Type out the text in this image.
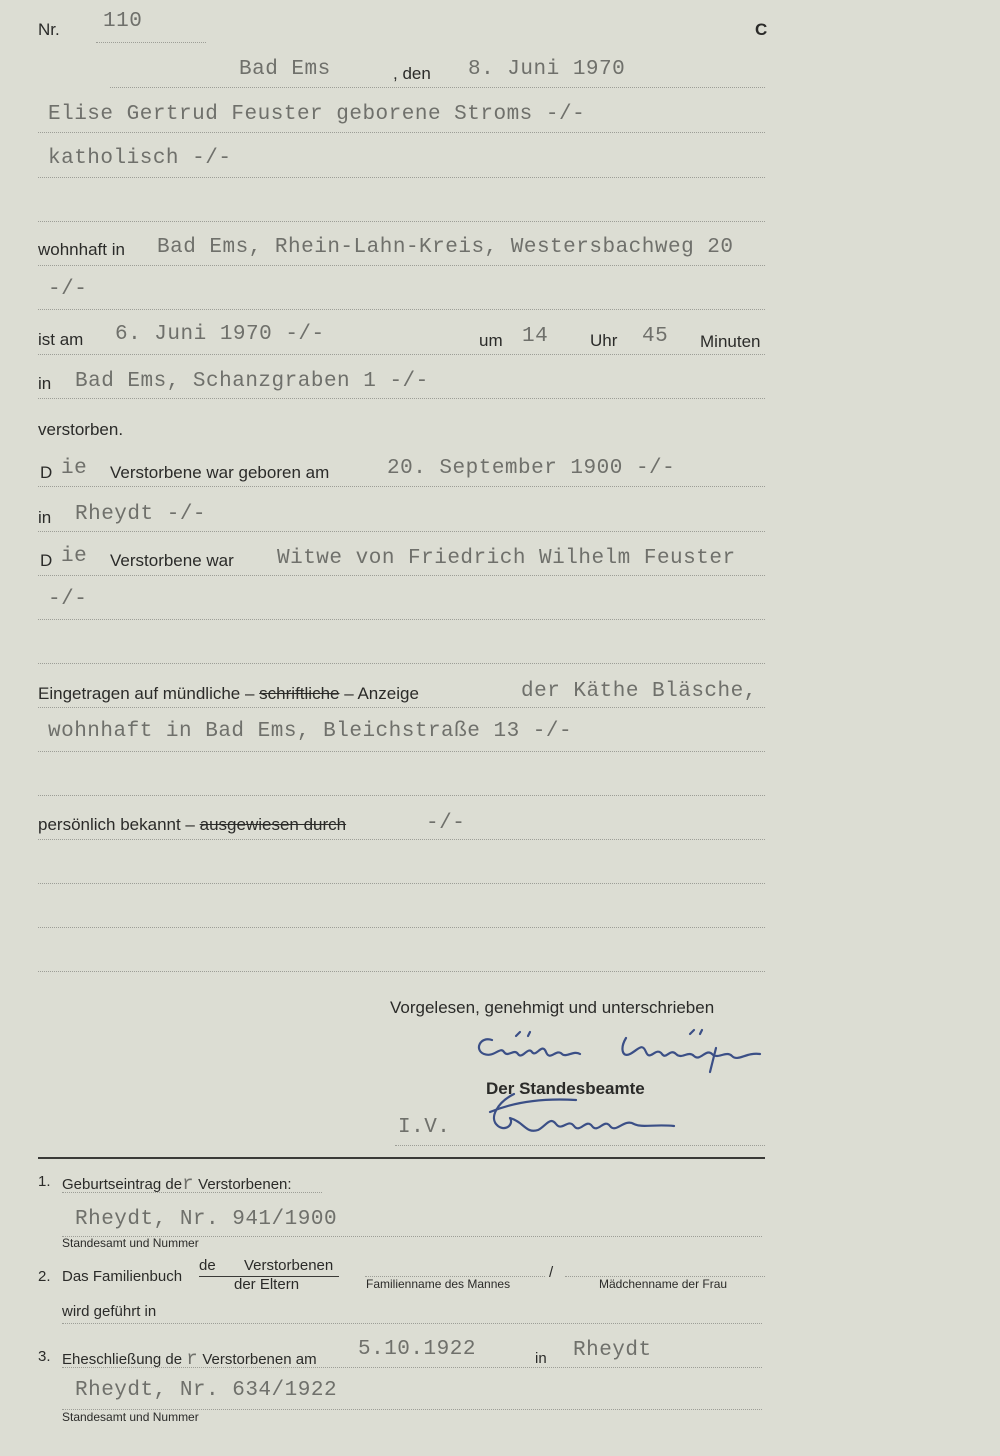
Nr. 110	C
Bad Ems	, den 8. Juni 1970
Elise Gertrud Feuster geborene Stroms -/-
katholisch -/-
wohnhaft in Bad Ems, Rhein-Lahn-Kreis, Westersbachweg 20
-/-
ist am 6. Juni 1970 -/-	um 14 Uhr 45 Minuten
in Bad Ems, Schanzgraben 1 -/-
verstorben.
D ie Verstorbene war geboren am	20. September 1900 -/-
in Rheydt -/-
D ie Verstorbene war Witwe von Friedrich Wilhelm Feuster
-/-
Eingetragen auf mündliche – schriftliche – Anzeige	der Käthe Bläsche,
wohnhaft in Bad Ems, Bleichstraße 13 -/-
persönlich bekannt – ausgewiesen durch	-/-
Vorgelesen, genehmigt und unterschrieben
Der Standesbeamte
I.V.
1. Geburtseintrag der Verstorbenen:
Rheydt, Nr. 941/1900
Standesamt und Nummer
2. Das Familienbuch
de Verstorbenen
der Eltern	Familienname des Mannes
/
Mädchenname der Frau
wird geführt in
3. Eheschließung de r Verstorbenen am 5.10.1922	in Rheydt
Rheydt, Nr. 634/1922
Standesamt und Nummer
